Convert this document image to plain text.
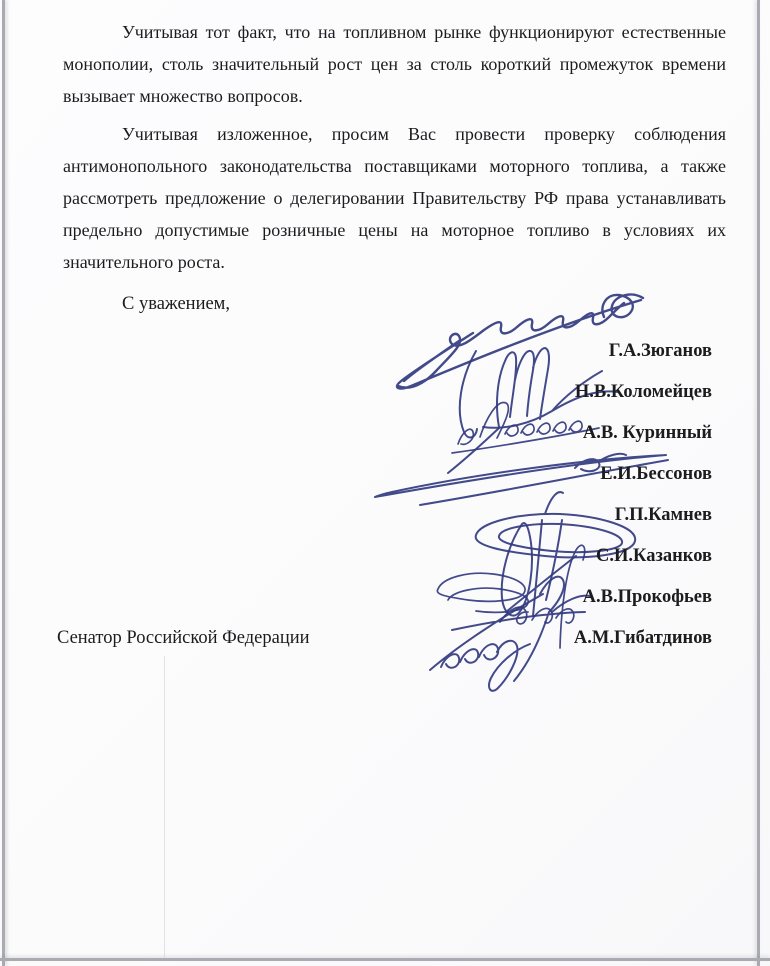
Учитывая тот факт, что на топливном рынке функционируют естественные
монополии, столь значительный рост цен за столь короткий промежуток времени
вызывает множество вопросов.
Учитывая изложенное, просим Вас провести проверку соблюдения
антимонопольного законодательства поставщиками моторного топлива, а также
рассмотреть предложение о делегировании Правительству РФ права устанавливать
предельно допустимые розничные цены на моторное топливо в условиях их
значительного роста.
С уважением,
Г.А.Зюганов
Н.В.Коломейцев
А.В. Куринный
Е.И.Бессонов
Г.П.Камнев
С.И.Казанков
А.В.Прокофьев
А.М.Гибатдинов
Сенатор Российской Федерации
